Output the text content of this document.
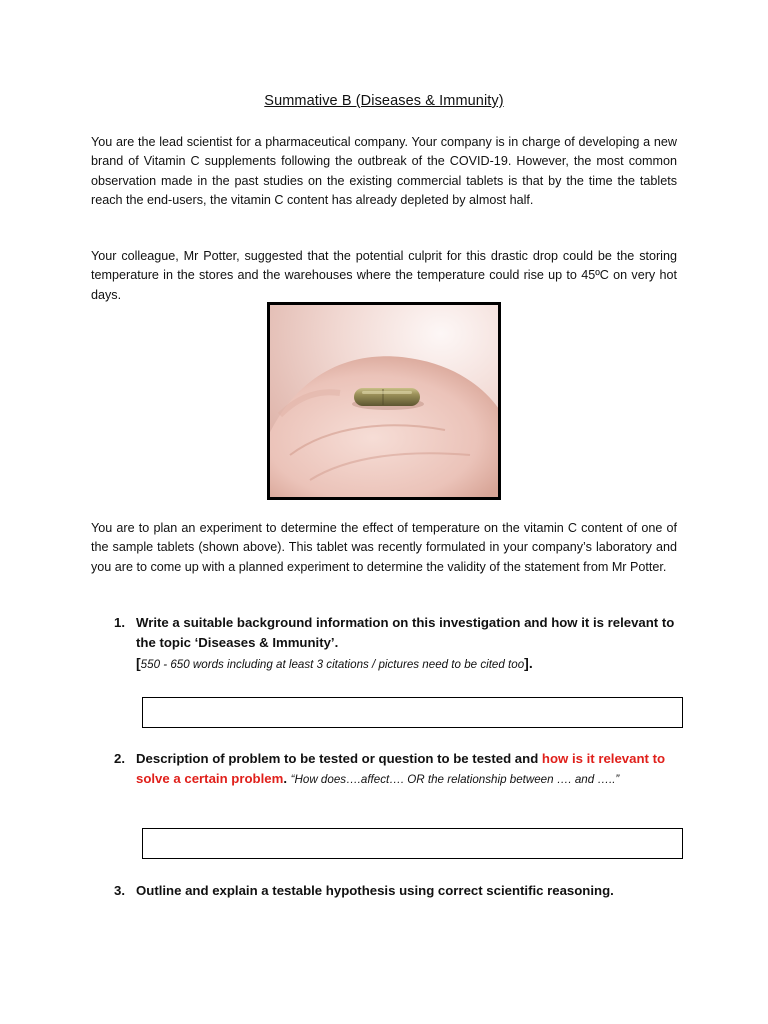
Summative B (Diseases & Immunity)

You are the lead scientist for a pharmaceutical company. Your company is in charge of developing a new brand of Vitamin C supplements following the outbreak of the COVID-19. However, the most common observation made in the past studies on the existing commercial tablets is that by the time the tablets reach the end-users, the vitamin C content has already depleted by almost half.

Your colleague, Mr Potter, suggested that the potential culprit for this drastic drop could be the storing temperature in the stores and the warehouses where the temperature could rise up to 45ºC on very hot days.

You are to plan an experiment to determine the effect of temperature on the vitamin C content of one of the sample tablets (shown above). This tablet was recently formulated in your company’s laboratory and you are to come up with a planned experiment to determine the validity of the statement from Mr Potter.

1. Write a suitable background information on this investigation and how it is relevant to the topic ‘Diseases & Immunity’.
[550 - 650 words including at least 3 citations / pictures need to be cited too].
2. Description of problem to be tested or question to be tested and how is it relevant to solve a certain problem. “How does….affect…. OR the relationship between …. and …..”
3. Outline and explain a testable hypothesis using correct scientific reasoning.
